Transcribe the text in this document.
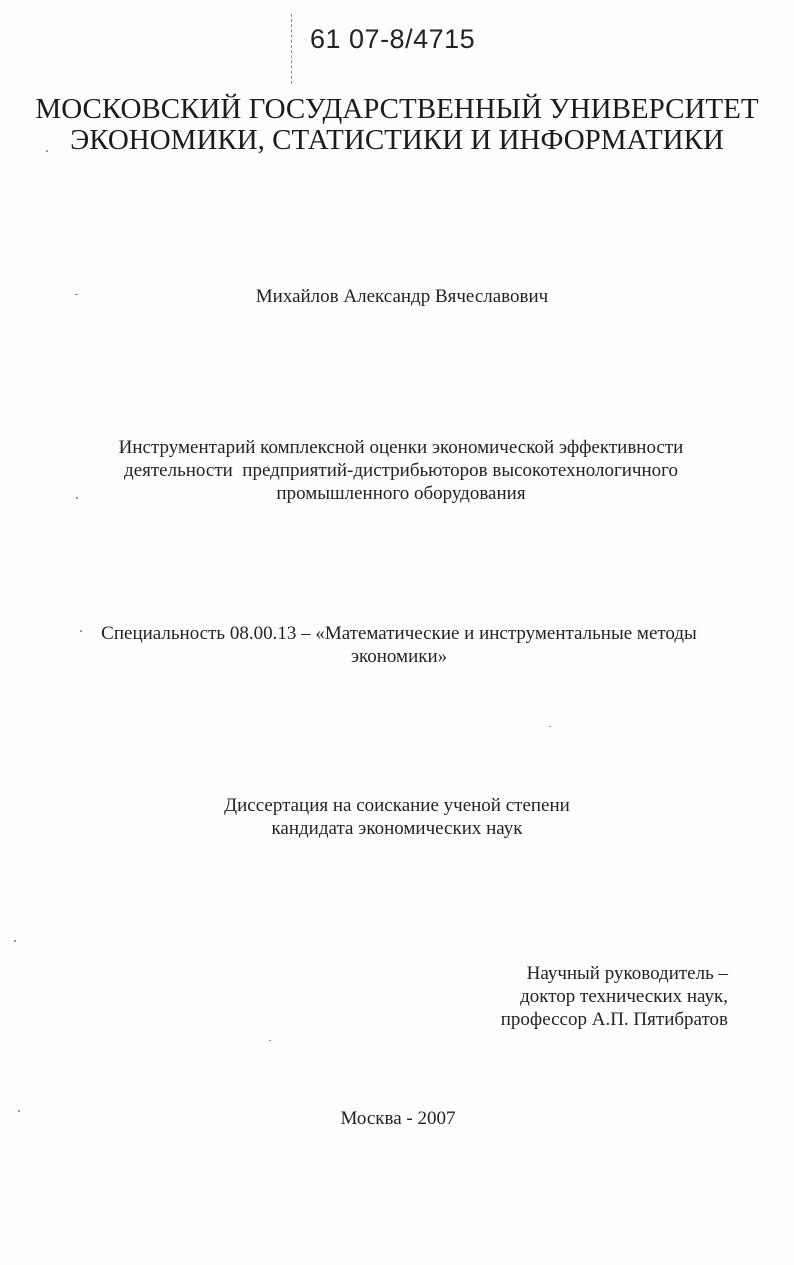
61 07-8/4715
МОСКОВСКИЙ ГОСУДАРСТВЕННЫЙ УНИВЕРСИТЕТ
ЭКОНОМИКИ, СТАТИСТИКИ И ИНФОРМАТИКИ
Михайлов Александр Вячеславович
Инструментарий комплексной оценки экономической эффективности
деятельности  предприятий-дистрибьюторов высокотехнологичного
промышленного оборудования
Специальность 08.00.13 – «Математические и инструментальные методы
экономики»
Диссертация на соискание ученой степени
кандидата экономических наук
Научный руководитель –
доктор технических наук,
профессор А.П. Пятибратов
Москва - 2007
